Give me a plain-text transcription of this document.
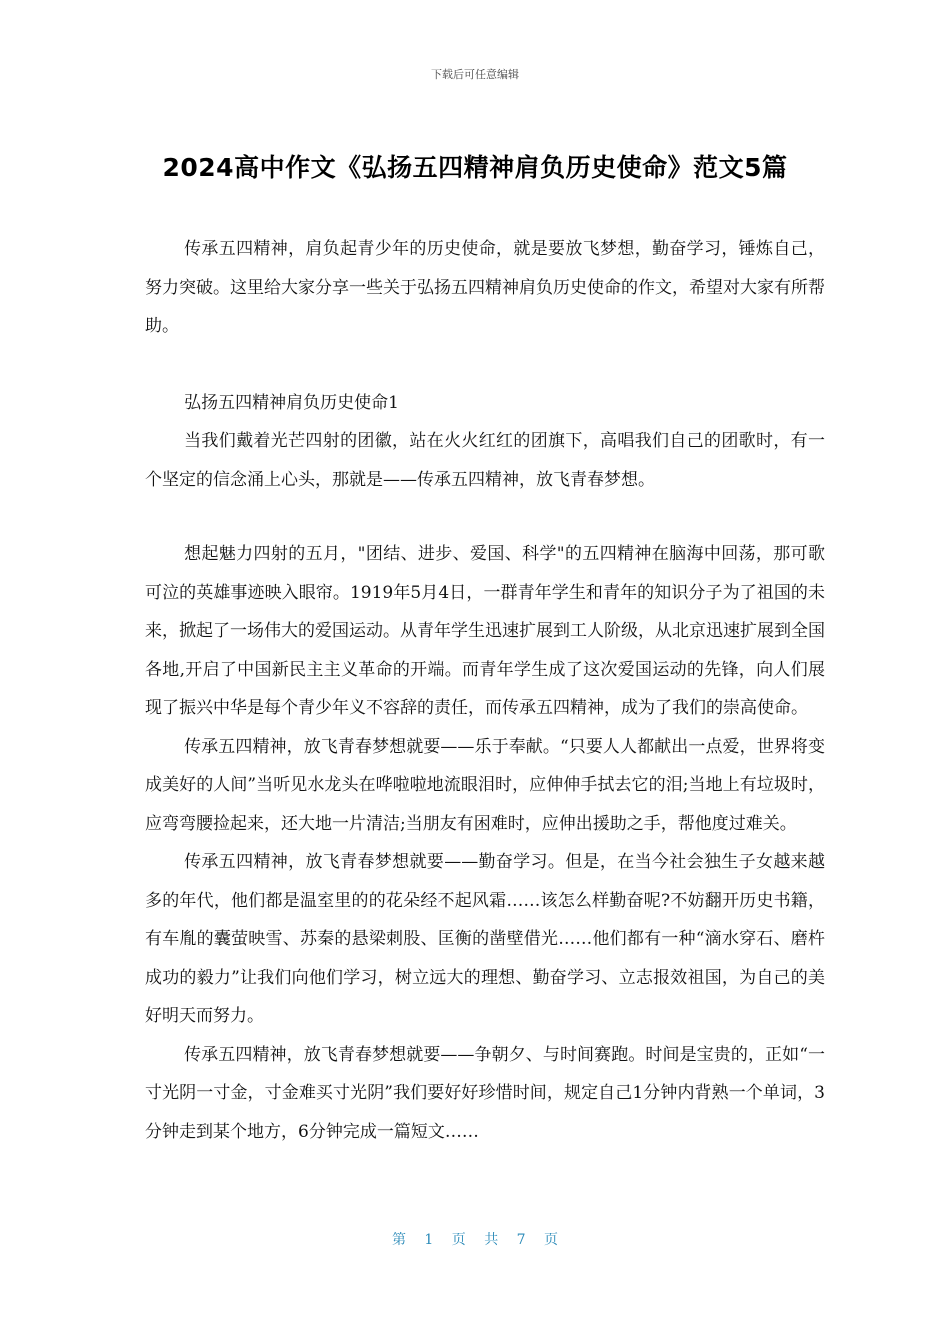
下载后可任意编辑
2024高中作文《弘扬五四精神肩负历史使命》范文5篇

传承五四精神，肩负起青少年的历史使命，就是要放飞梦想，勤奋学习，锤炼自己，努力突破。这里给大家分享一些关于弘扬五四精神肩负历史使命的作文，希望对大家有所帮助。

弘扬五四精神肩负历史使命1

当我们戴着光芒四射的团徽，站在火火红红的团旗下，高唱我们自己的团歌时，有一个坚定的信念涌上心头，那就是——传承五四精神，放飞青春梦想。

想起魅力四射的五月，"团结、进步、爱国、科学"的五四精神在脑海中回荡，那可歌可泣的英雄事迹映入眼帘。1919年5月4日，一群青年学生和青年的知识分子为了祖国的未来，掀起了一场伟大的爱国运动。从青年学生迅速扩展到工人阶级，从北京迅速扩展到全国各地,开启了中国新民主主义革命的开端。而青年学生成了这次爱国运动的先锋，向人们展现了振兴中华是每个青少年义不容辞的责任，而传承五四精神，成为了我们的崇高使命。

传承五四精神，放飞青春梦想就要——乐于奉献。“只要人人都献出一点爱，世界将变成美好的人间”当听见水龙头在哗啦啦地流眼泪时，应伸伸手拭去它的泪;当地上有垃圾时，应弯弯腰捡起来，还大地一片清洁;当朋友有困难时，应伸出援助之手，帮他度过难关。

传承五四精神，放飞青春梦想就要——勤奋学习。但是，在当今社会独生子女越来越多的年代，他们都是温室里的的花朵经不起风霜……该怎么样勤奋呢?不妨翻开历史书籍，有车胤的囊萤映雪、苏秦的悬梁刺股、匡衡的凿壁借光……他们都有一种“滴水穿石、磨杵成功的毅力”让我们向他们学习，树立远大的理想、勤奋学习、立志报效祖国，为自己的美好明天而努力。

传承五四精神，放飞青春梦想就要——争朝夕、与时间赛跑。时间是宝贵的，正如“一寸光阴一寸金，寸金难买寸光阴”我们要好好珍惜时间，规定自己1分钟内背熟一个单词，3分钟走到某个地方，6分钟完成一篇短文……

第 1 页 共 7 页
